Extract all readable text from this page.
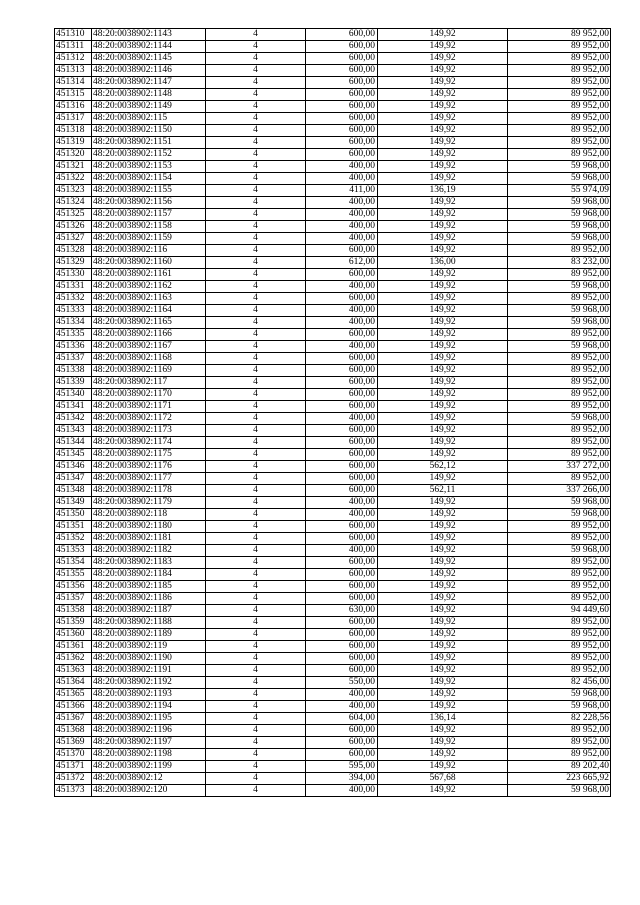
451310	48:20:0038902:1143	4	600,00	149,92	89 952,00
451311	48:20:0038902:1144	4	600,00	149,92	89 952,00
451312	48:20:0038902:1145	4	600,00	149,92	89 952,00
451313	48:20:0038902:1146	4	600,00	149,92	89 952,00
451314	48:20:0038902:1147	4	600,00	149,92	89 952,00
451315	48:20:0038902:1148	4	600,00	149,92	89 952,00
451316	48:20:0038902:1149	4	600,00	149,92	89 952,00
451317	48:20:0038902:115	4	600,00	149,92	89 952,00
451318	48:20:0038902:1150	4	600,00	149,92	89 952,00
451319	48:20:0038902:1151	4	600,00	149,92	89 952,00
451320	48:20:0038902:1152	4	600,00	149,92	89 952,00
451321	48:20:0038902:1153	4	400,00	149,92	59 968,00
451322	48:20:0038902:1154	4	400,00	149,92	59 968,00
451323	48:20:0038902:1155	4	411,00	136,19	55 974,09
451324	48:20:0038902:1156	4	400,00	149,92	59 968,00
451325	48:20:0038902:1157	4	400,00	149,92	59 968,00
451326	48:20:0038902:1158	4	400,00	149,92	59 968,00
451327	48:20:0038902:1159	4	400,00	149,92	59 968,00
451328	48:20:0038902:116	4	600,00	149,92	89 952,00
451329	48:20:0038902:1160	4	612,00	136,00	83 232,00
451330	48:20:0038902:1161	4	600,00	149,92	89 952,00
451331	48:20:0038902:1162	4	400,00	149,92	59 968,00
451332	48:20:0038902:1163	4	600,00	149,92	89 952,00
451333	48:20:0038902:1164	4	400,00	149,92	59 968,00
451334	48:20:0038902:1165	4	400,00	149,92	59 968,00
451335	48:20:0038902:1166	4	600,00	149,92	89 952,00
451336	48:20:0038902:1167	4	400,00	149,92	59 968,00
451337	48:20:0038902:1168	4	600,00	149,92	89 952,00
451338	48:20:0038902:1169	4	600,00	149,92	89 952,00
451339	48:20:0038902:117	4	600,00	149,92	89 952,00
451340	48:20:0038902:1170	4	600,00	149,92	89 952,00
451341	48:20:0038902:1171	4	600,00	149,92	89 952,00
451342	48:20:0038902:1172	4	400,00	149,92	59 968,00
451343	48:20:0038902:1173	4	600,00	149,92	89 952,00
451344	48:20:0038902:1174	4	600,00	149,92	89 952,00
451345	48:20:0038902:1175	4	600,00	149,92	89 952,00
451346	48:20:0038902:1176	4	600,00	562,12	337 272,00
451347	48:20:0038902:1177	4	600,00	149,92	89 952,00
451348	48:20:0038902:1178	4	600,00	562,11	337 266,00
451349	48:20:0038902:1179	4	400,00	149,92	59 968,00
451350	48:20:0038902:118	4	400,00	149,92	59 968,00
451351	48:20:0038902:1180	4	600,00	149,92	89 952,00
451352	48:20:0038902:1181	4	600,00	149,92	89 952,00
451353	48:20:0038902:1182	4	400,00	149,92	59 968,00
451354	48:20:0038902:1183	4	600,00	149,92	89 952,00
451355	48:20:0038902:1184	4	600,00	149,92	89 952,00
451356	48:20:0038902:1185	4	600,00	149,92	89 952,00
451357	48:20:0038902:1186	4	600,00	149,92	89 952,00
451358	48:20:0038902:1187	4	630,00	149,92	94 449,60
451359	48:20:0038902:1188	4	600,00	149,92	89 952,00
451360	48:20:0038902:1189	4	600,00	149,92	89 952,00
451361	48:20:0038902:119	4	600,00	149,92	89 952,00
451362	48:20:0038902:1190	4	600,00	149,92	89 952,00
451363	48:20:0038902:1191	4	600,00	149,92	89 952,00
451364	48:20:0038902:1192	4	550,00	149,92	82 456,00
451365	48:20:0038902:1193	4	400,00	149,92	59 968,00
451366	48:20:0038902:1194	4	400,00	149,92	59 968,00
451367	48:20:0038902:1195	4	604,00	136,14	82 228,56
451368	48:20:0038902:1196	4	600,00	149,92	89 952,00
451369	48:20:0038902:1197	4	600,00	149,92	89 952,00
451370	48:20:0038902:1198	4	600,00	149,92	89 952,00
451371	48:20:0038902:1199	4	595,00	149,92	89 202,40
451372	48:20:0038902:12	4	394,00	567,68	223 665,92
451373	48:20:0038902:120	4	400,00	149,92	59 968,00
